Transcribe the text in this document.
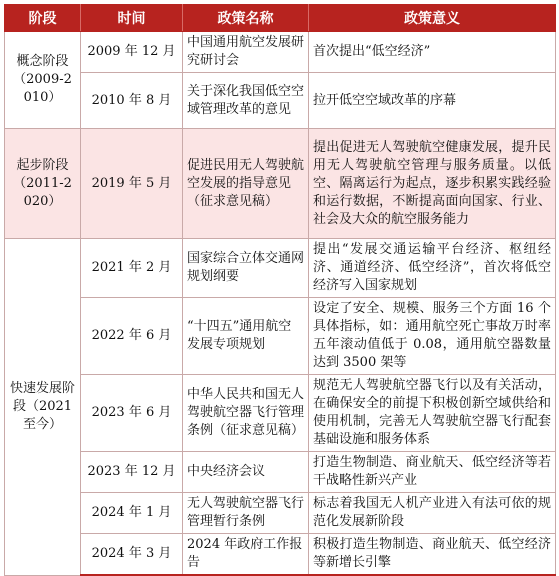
阶段	时间	政策名称	政策意义
概念阶段（2009-2010）	2009 年 12 月	中国通用航空发展研究研讨会	首次提出“低空经济”
	2010 年 8 月	关于深化我国低空空域管理改革的意见	拉开低空空域改革的序幕
起步阶段（2011-2020）	2019 年 5 月	促进民用无人驾驶航空发展的指导意见（征求意见稿）	提出促进无人驾驶航空健康发展，提升民用无人驾驶航空管理与服务质量。以低空、隔离运行为起点，逐步积累实践经验和运行数据，不断提高面向国家、行业、社会及大众的航空服务能力
快速发展阶段（2021 至今）	2021 年 2 月	国家综合立体交通网规划纲要	提出“发展交通运输平台经济、枢纽经济、通道经济、低空经济”，首次将低空经济写入国家规划
	2022 年 6 月	“十四五”通用航空发展专项规划	设定了安全、规模、服务三个方面 16 个具体指标，如：通用航空死亡事故万时率五年滚动值低于 0.08，通用航空器数量达到 3500 架等
	2023 年 6 月	中华人民共和国无人驾驶航空器飞行管理条例（征求意见稿）	规范无人驾驶航空器飞行以及有关活动，在确保安全的前提下积极创新空域供给和使用机制，完善无人驾驶航空器飞行配套基础设施和服务体系
	2023 年 12 月	中央经济会议	打造生物制造、商业航天、低空经济等若干战略性新兴产业
	2024 年 1 月	无人驾驶航空器飞行管理暂行条例	标志着我国无人机产业进入有法可依的规范化发展新阶段
	2024 年 3 月	2024 年政府工作报告	积极打造生物制造、商业航天、低空经济等新增长引擎
